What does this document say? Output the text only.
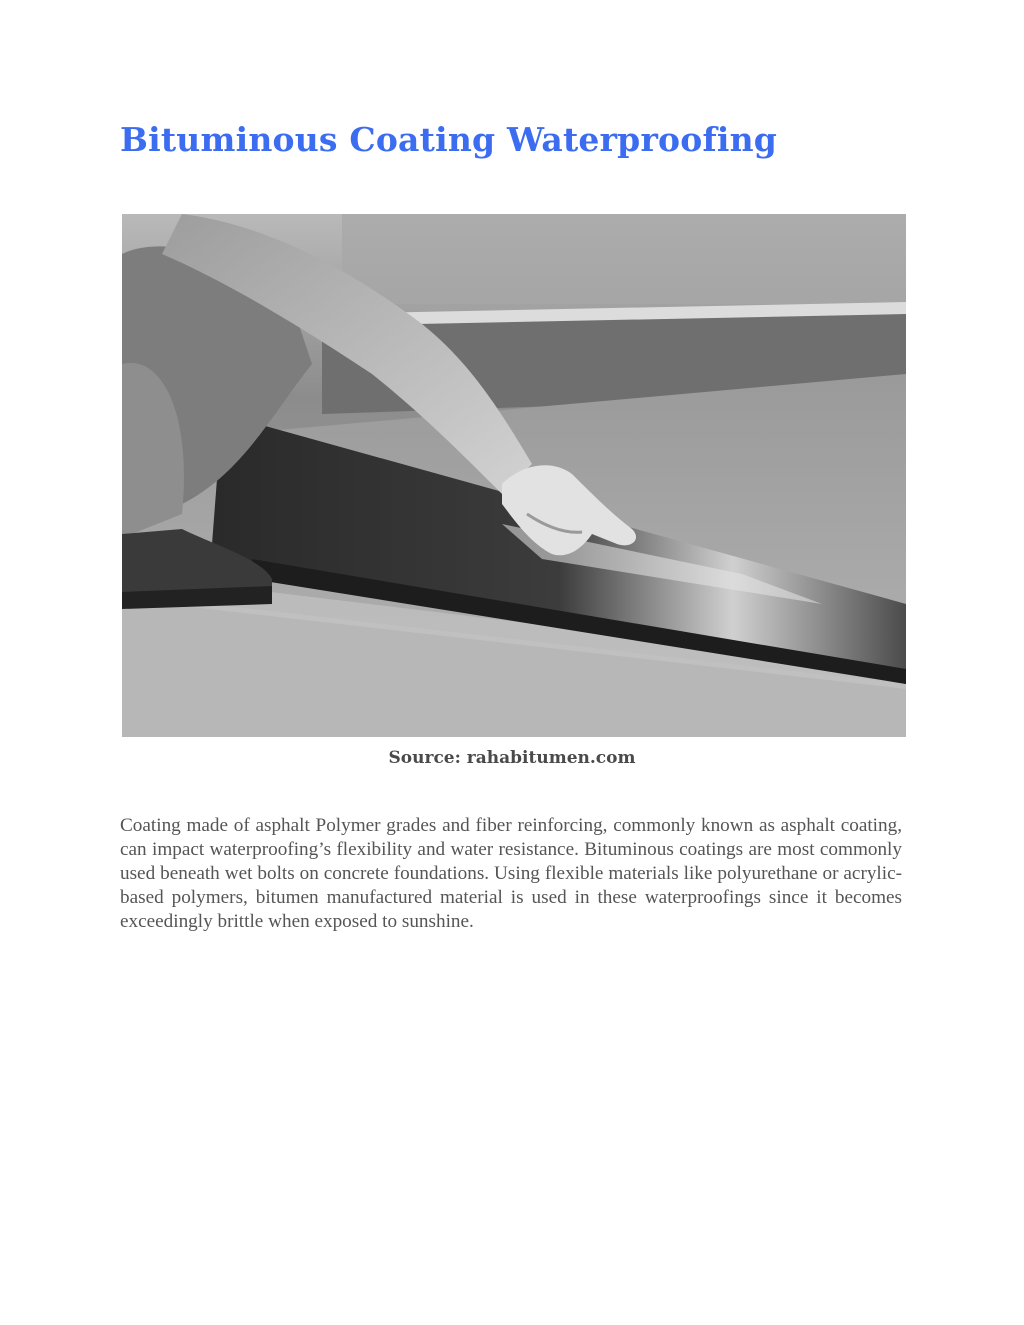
Bituminous Coating Waterproofing

Source: rahabitumen.com

Coating made of asphalt Polymer grades and fiber reinforcing, commonly known as asphalt coating, can impact waterproofing’s flexibility and water resistance. Bituminous coatings are most commonly used beneath wet bolts on concrete foundations. Using flexible materials like polyurethane or acrylic-based polymers, bitumen manufactured material is used in these waterproofings since it becomes exceedingly brittle when exposed to sunshine.
